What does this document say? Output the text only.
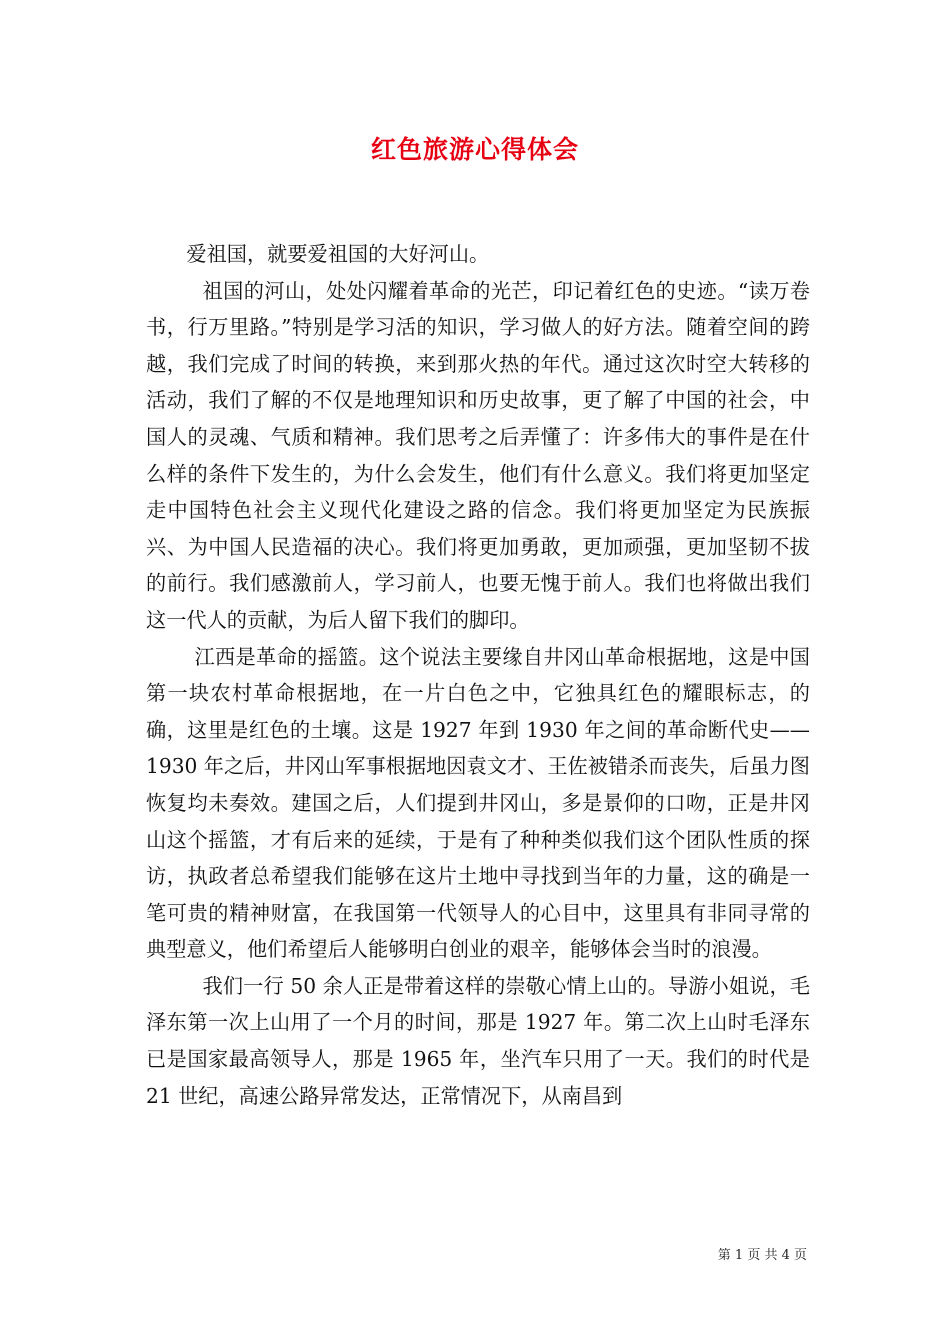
红色旅游心得体会

爱祖国，就要爱祖国的大好河山。

祖国的河山，处处闪耀着革命的光芒，印记着红色的史迹。“读万卷书，行万里路。”特别是学习活的知识，学习做人的好方法。随着空间的跨越，我们完成了时间的转换，来到那火热的年代。通过这次时空大转移的活动，我们了解的不仅是地理知识和历史故事，更了解了中国的社会，中国人的灵魂、气质和精神。我们思考之后弄懂了：许多伟大的事件是在什么样的条件下发生的，为什么会发生，他们有什么意义。我们将更加坚定走中国特色社会主义现代化建设之路的信念。我们将更加坚定为民族振兴、为中国人民造福的决心。我们将更加勇敢，更加顽强，更加坚韧不拔的前行。我们感激前人，学习前人，也要无愧于前人。我们也将做出我们这一代人的贡献，为后人留下我们的脚印。

江西是革命的摇篮。这个说法主要缘自井冈山革命根据地，这是中国第一块农村革命根据地，在一片白色之中，它独具红色的耀眼标志，的确，这里是红色的土壤。这是 1927 年到 1930 年之间的革命断代史——1930 年之后，井冈山军事根据地因袁文才、王佐被错杀而丧失，后虽力图恢复均未奏效。建国之后，人们提到井冈山，多是景仰的口吻，正是井冈山这个摇篮，才有后来的延续，于是有了种种类似我们这个团队性质的探访，执政者总希望我们能够在这片土地中寻找到当年的力量，这的确是一笔可贵的精神财富，在我国第一代领导人的心目中，这里具有非同寻常的典型意义，他们希望后人能够明白创业的艰辛，能够体会当时的浪漫。

我们一行 50 余人正是带着这样的崇敬心情上山的。导游小姐说，毛泽东第一次上山用了一个月的时间，那是 1927 年。第二次上山时毛泽东已是国家最高领导人，那是 1965 年，坐汽车只用了一天。我们的时代是 21 世纪，高速公路异常发达，正常情况下，从南昌到

第 1 页 共 4 页
